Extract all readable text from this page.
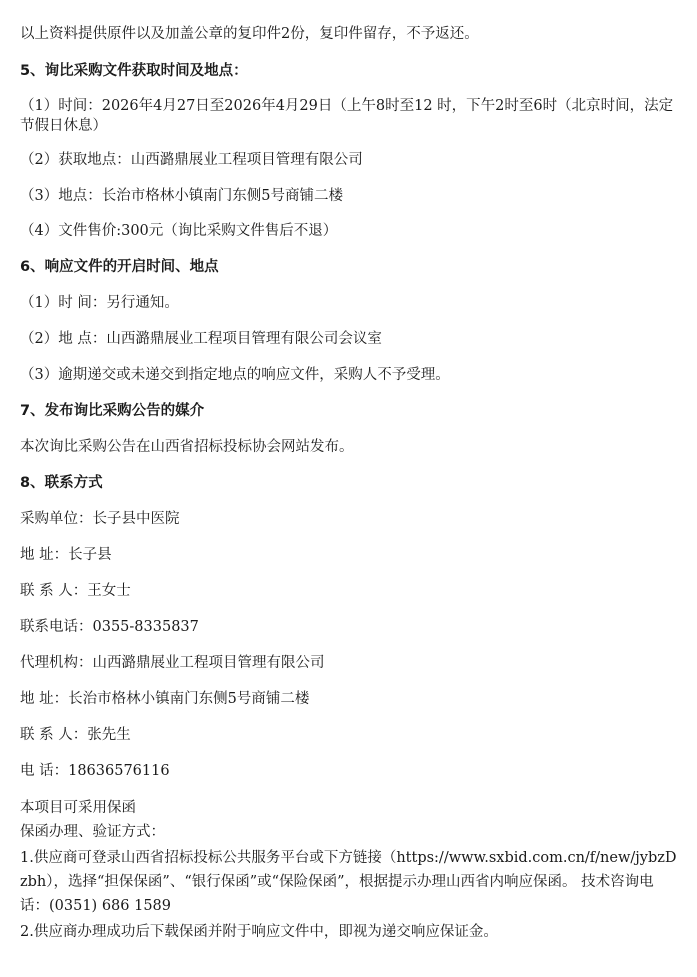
以上资料提供原件以及加盖公章的复印件2份，复印件留存，不予返还。
5、询比采购文件获取时间及地点：
（1）时间：2026年4月27日至2026年4月29日（上午8时至12 时，下午2时至6时（北京时间，法定节假日休息）
（2）获取地点：山西潞鼎展业工程项目管理有限公司
（3）地点：长治市格林小镇南门东侧5号商铺二楼
（4）文件售价:300元（询比采购文件售后不退）
6、响应文件的开启时间、地点
（1）时 间：另行通知。
（2）地 点：山西潞鼎展业工程项目管理有限公司会议室
（3）逾期递交或未递交到指定地点的响应文件，采购人不予受理。
7、发布询比采购公告的媒介
本次询比采购公告在山西省招标投标协会网站发布。
8、联系方式
采购单位：长子县中医院
地 址：长子县
联 系 人：王女士
联系电话：0355-8335837
代理机构：山西潞鼎展业工程项目管理有限公司
地 址：长治市格林小镇南门东侧5号商铺二楼
联 系 人：张先生
电 话：18636576116
本项目可采用保函
保函办理、验证方式：
1.供应商可登录山西省招标投标公共服务平台或下方链接（https://www.sxbid.com.cn/f/new/jybzDzbh），选择“担保保函”、“银行保函”或“保险保函”，根据提示办理山西省内响应保函。 技术咨询电话：(0351) 686 1589
2.供应商办理成功后下载保函并附于响应文件中，即视为递交响应保证金。
